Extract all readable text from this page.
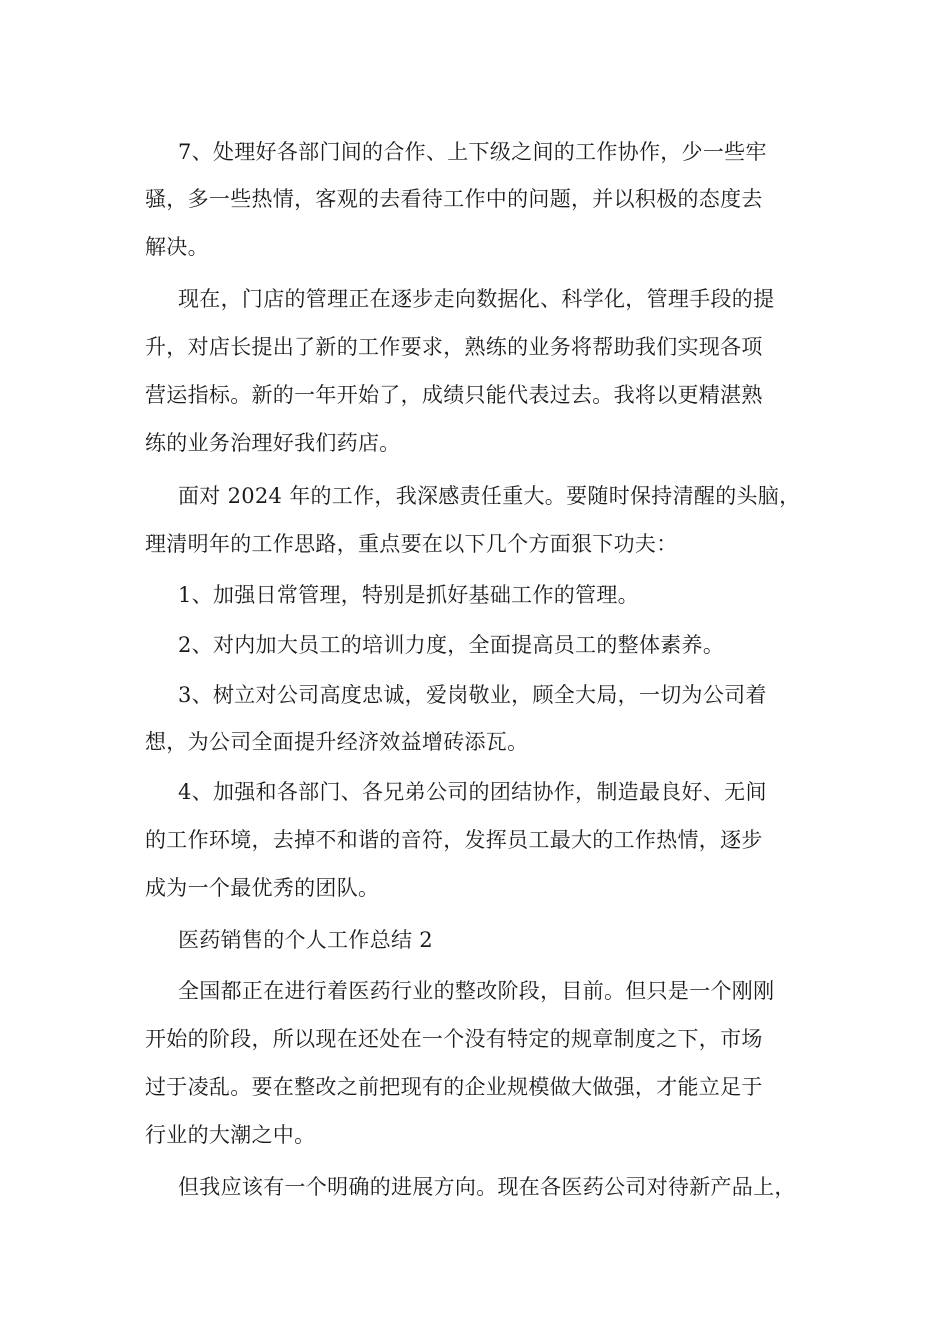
7、处理好各部门间的合作、上下级之间的工作协作，少一些牢

骚，多一些热情，客观的去看待工作中的问题，并以积极的态度去

解决。

现在，门店的管理正在逐步走向数据化、科学化，管理手段的提

升，对店长提出了新的工作要求，熟练的业务将帮助我们实现各项

营运指标。新的一年开始了，成绩只能代表过去。我将以更精湛熟

练的业务治理好我们药店。

面对 2024 年的工作，我深感责任重大。要随时保持清醒的头脑，

理清明年的工作思路，重点要在以下几个方面狠下功夫：

1、加强日常管理，特别是抓好基础工作的管理。

2、对内加大员工的培训力度，全面提高员工的整体素养。

3、树立对公司高度忠诚，爱岗敬业，顾全大局，一切为公司着

想，为公司全面提升经济效益增砖添瓦。

4、加强和各部门、各兄弟公司的团结协作，制造最良好、无间

的工作环境，去掉不和谐的音符，发挥员工最大的工作热情，逐步

成为一个最优秀的团队。

医药销售的个人工作总结 2

全国都正在进行着医药行业的整改阶段，目前。但只是一个刚刚

开始的阶段，所以现在还处在一个没有特定的规章制度之下，市场

过于凌乱。要在整改之前把现有的企业规模做大做强，才能立足于

行业的大潮之中。

但我应该有一个明确的进展方向。现在各医药公司对待新产品上，
